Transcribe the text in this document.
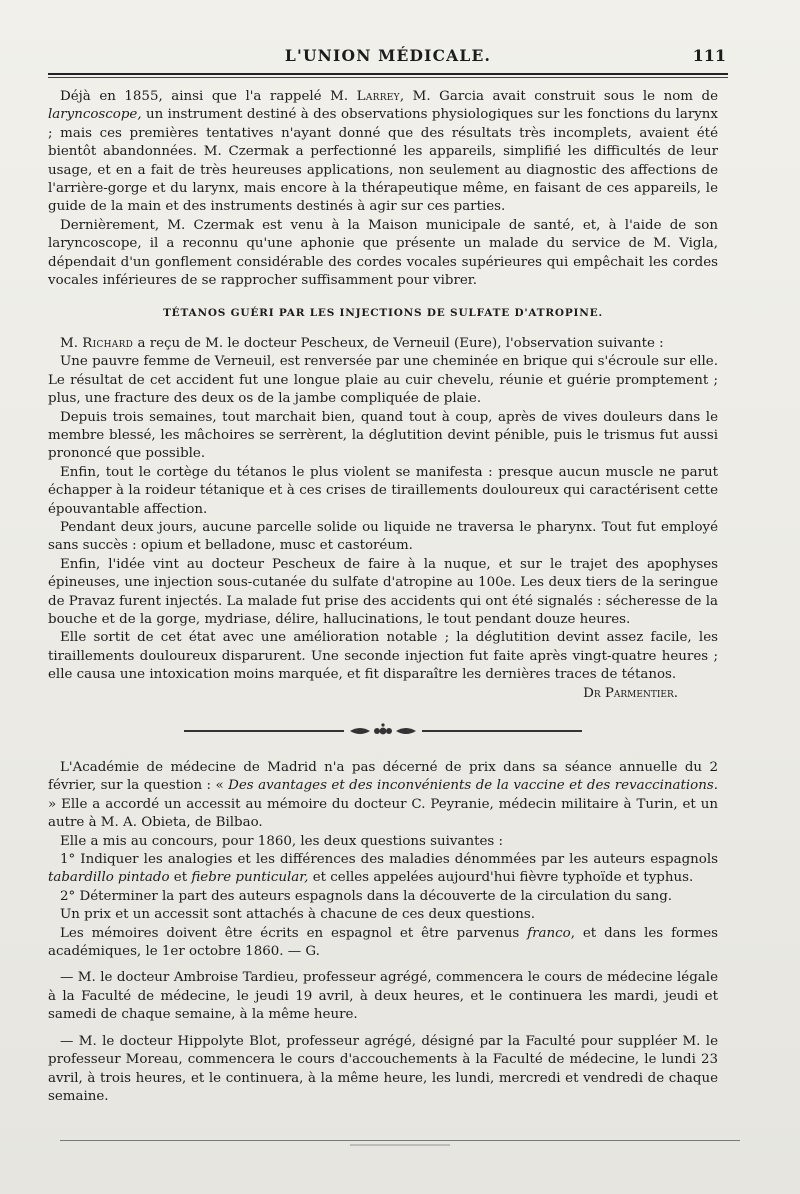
L'UNION MÉDICALE.	111

Déjà en 1855, ainsi que l'a rappelé M. Larrey, M. Garcia avait construit sous le nom de laryncoscope, un instrument destiné à des observations physiologiques sur les fonctions du larynx ; mais ces premières tentatives n'ayant donné que des résultats très incomplets, avaient été bientôt abandonnées. M. Czermak a perfectionné les appareils, simplifié les difficultés de leur usage, et en a fait de très heureuses applications, non seulement au diagnostic des affections de l'arrière-gorge et du larynx, mais encore à la thérapeutique même, en faisant de ces appareils, le guide de la main et des instruments destinés à agir sur ces parties.

Dernièrement, M. Czermak est venu à la Maison municipale de santé, et, à l'aide de son laryncoscope, il a reconnu qu'une aphonie que présente un malade du service de M. Vigla, dépendait d'un gonflement considérable des cordes vocales supérieures qui empêchait les cordes vocales inférieures de se rapprocher suffisamment pour vibrer.

TÉTANOS GUÉRI PAR LES INJECTIONS DE SULFATE D'ATROPINE.

M. Richard a reçu de M. le docteur Pescheux, de Verneuil (Eure), l'observation suivante :

Une pauvre femme de Verneuil, est renversée par une cheminée en brique qui s'écroule sur elle. Le résultat de cet accident fut une longue plaie au cuir chevelu, réunie et guérie promptement ; plus, une fracture des deux os de la jambe compliquée de plaie.

Depuis trois semaines, tout marchait bien, quand tout à coup, après de vives douleurs dans le membre blessé, les mâchoires se serrèrent, la déglutition devint pénible, puis le trismus fut aussi prononcé que possible.

Enfin, tout le cortège du tétanos le plus violent se manifesta : presque aucun muscle ne parut échapper à la roideur tétanique et à ces crises de tiraillements douloureux qui caractérisent cette épouvantable affection.

Pendant deux jours, aucune parcelle solide ou liquide ne traversa le pharynx. Tout fut employé sans succès : opium et belladone, musc et castoréum.

Enfin, l'idée vint au docteur Pescheux de faire à la nuque, et sur le trajet des apophyses épineuses, une injection sous-cutanée du sulfate d'atropine au 100e. Les deux tiers de la seringue de Pravaz furent injectés. La malade fut prise des accidents qui ont été signalés : sécheresse de la bouche et de la gorge, mydriase, délire, hallucinations, le tout pendant douze heures.

Elle sortit de cet état avec une amélioration notable ; la déglutition devint assez facile, les tiraillements douloureux disparurent. Une seconde injection fut faite après vingt-quatre heures ; elle causa une intoxication moins marquée, et fit disparaître les dernières traces de tétanos.

Dr Parmentier.

L'Académie de médecine de Madrid n'a pas décerné de prix dans sa séance annuelle du 2 février, sur la question : « Des avantages et des inconvénients de la vaccine et des revaccinations. » Elle a accordé un accessit au mémoire du docteur C. Peyranie, médecin militaire à Turin, et un autre à M. A. Obieta, de Bilbao.

Elle a mis au concours, pour 1860, les deux questions suivantes :

1° Indiquer les analogies et les différences des maladies dénommées par les auteurs espagnols tabardillo pintado et fiebre punticular, et celles appelées aujourd'hui fièvre typhoïde et typhus.

2° Déterminer la part des auteurs espagnols dans la découverte de la circulation du sang.

Un prix et un accessit sont attachés à chacune de ces deux questions.

Les mémoires doivent être écrits en espagnol et être parvenus franco, et dans les formes académiques, le 1er octobre 1860. — G.

— M. le docteur Ambroise Tardieu, professeur agrégé, commencera le cours de médecine légale à la Faculté de médecine, le jeudi 19 avril, à deux heures, et le continuera les mardi, jeudi et samedi de chaque semaine, à la même heure.

— M. le docteur Hippolyte Blot, professeur agrégé, désigné par la Faculté pour suppléer M. le professeur Moreau, commencera le cours d'accouchements à la Faculté de médecine, le lundi 23 avril, à trois heures, et le continuera, à la même heure, les lundi, mercredi et vendredi de chaque semaine.
